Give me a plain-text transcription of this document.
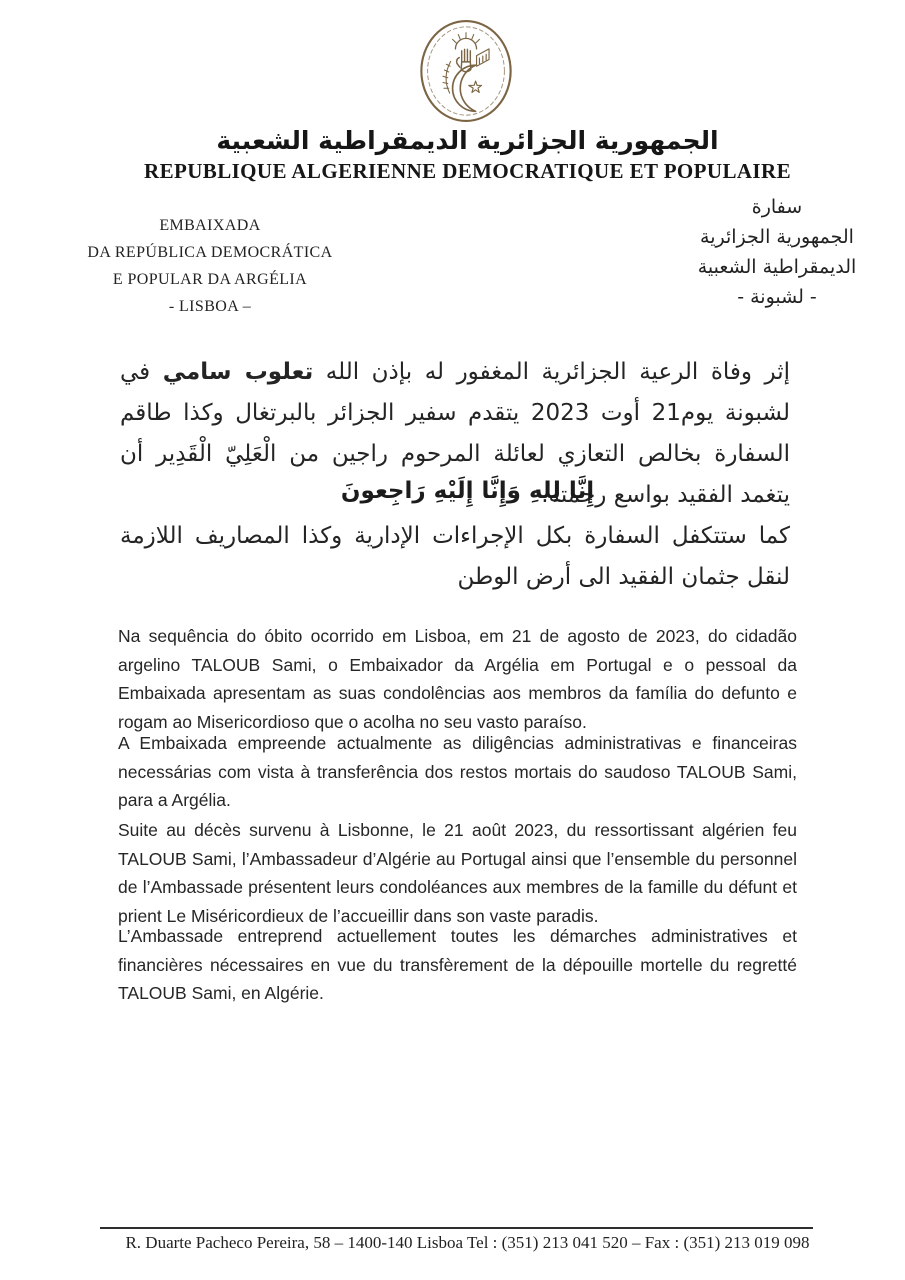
الجمهورية الجزائرية الديمقراطية الشعبية
REPUBLIQUE ALGERIENNE DEMOCRATIQUE ET POPULAIRE
EMBAIXADA
DA REPÚBLICA DEMOCRÁTICA
E POPULAR DA ARGÉLIA
- LISBOA –
سفارة
الجمهورية الجزائرية
الديمقراطية الشعبية
- لشبونة -

إثر وفاة الرعية الجزائرية المغفور له بإذن الله تعلوب سامي في لشبونة يوم21 أوت 2023 يتقدم سفير الجزائر بالبرتغال وكذا طاقم السفارة بخالص التعازي لعائلة المرحوم راجين من الْعَلِيّ الْقَدِير أن يتغمد الفقيد بواسع رحمته.

إِنَّا لِلهِ وَإِنَّا إِلَيْهِ رَاجِعونَ

كما ستتكفل السفارة بكل الإجراءات الإدارية وكذا المصاريف اللازمة لنقل جثمان الفقيد الى أرض الوطن

Na sequência do óbito ocorrido em Lisboa, em 21 de agosto de 2023, do cidadão argelino TALOUB Sami, o Embaixador da Argélia em Portugal e o pessoal da Embaixada apresentam as suas condolências aos membros da família do defunto e rogam ao Misericordioso que o acolha no seu vasto paraíso.

A Embaixada empreende actualmente as diligências administrativas e financeiras necessárias com vista à transferência dos restos mortais do saudoso TALOUB Sami, para a Argélia.

Suite au décès survenu à Lisbonne, le 21 août 2023, du ressortissant algérien feu TALOUB Sami, l’Ambassadeur d’Algérie au Portugal ainsi que l’ensemble du personnel de l’Ambassade présentent leurs condoléances aux membres de la famille du défunt et prient Le Miséricordieux de l’accueillir dans son vaste paradis.

L’Ambassade entreprend actuellement toutes les démarches administratives et financières nécessaires en vue du transfèrement de la dépouille mortelle du regretté TALOUB Sami, en Algérie.

R. Duarte Pacheco Pereira, 58 – 1400-140 Lisboa Tel : (351) 213 041 520 – Fax : (351) 213 019 098
